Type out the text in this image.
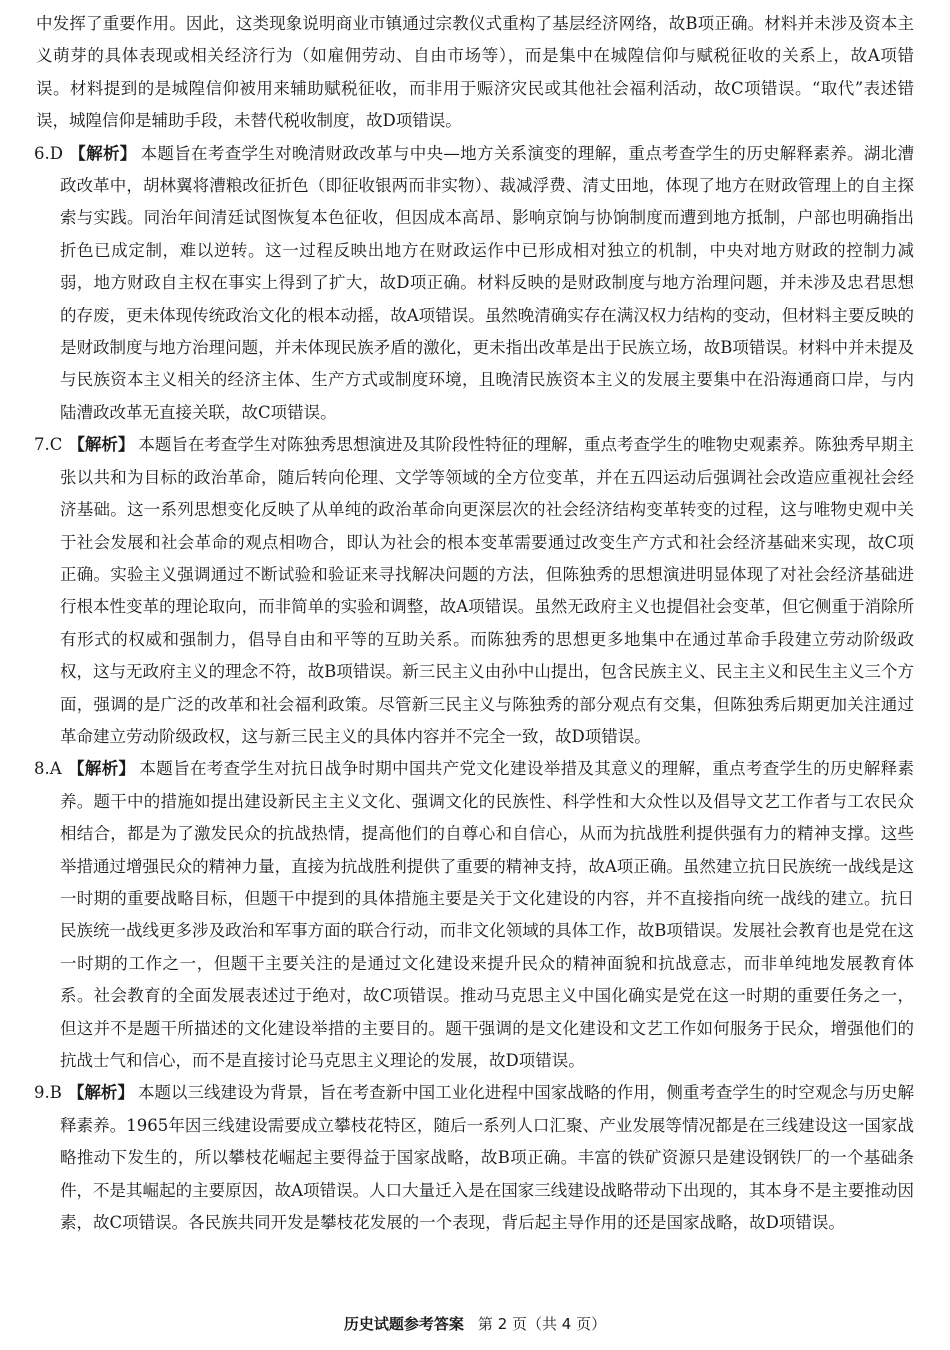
中发挥了重要作用。因此，这类现象说明商业市镇通过宗教仪式重构了基层经济网络，故B项正确。材料并未涉及资本主义萌芽的具体表现或相关经济行为（如雇佣劳动、自由市场等），而是集中在城隍信仰与赋税征收的关系上，故A项错误。材料提到的是城隍信仰被用来辅助赋税征收，而非用于赈济灾民或其他社会福利活动，故C项错误。“取代”表述错误，城隍信仰是辅助手段，未替代税收制度，故D项错误。

6.D 【解析】 本题旨在考查学生对晚清财政改革与中央—地方关系演变的理解，重点考查学生的历史解释素养。湖北漕政改革中，胡林翼将漕粮改征折色（即征收银两而非实物）、裁减浮费、清丈田地，体现了地方在财政管理上的自主探索与实践。同治年间清廷试图恢复本色征收，但因成本高昂、影响京饷与协饷制度而遭到地方抵制，户部也明确指出折色已成定制，难以逆转。这一过程反映出地方在财政运作中已形成相对独立的机制，中央对地方财政的控制力减弱，地方财政自主权在事实上得到了扩大，故D项正确。材料反映的是财政制度与地方治理问题，并未涉及忠君思想的存废，更未体现传统政治文化的根本动摇，故A项错误。虽然晚清确实存在满汉权力结构的变动，但材料主要反映的是财政制度与地方治理问题，并未体现民族矛盾的激化，更未指出改革是出于民族立场，故B项错误。材料中并未提及与民族资本主义相关的经济主体、生产方式或制度环境，且晚清民族资本主义的发展主要集中在沿海通商口岸，与内陆漕政改革无直接关联，故C项错误。

7.C 【解析】 本题旨在考查学生对陈独秀思想演进及其阶段性特征的理解，重点考查学生的唯物史观素养。陈独秀早期主张以共和为目标的政治革命，随后转向伦理、文学等领域的全方位变革，并在五四运动后强调社会改造应重视社会经济基础。这一系列思想变化反映了从单纯的政治革命向更深层次的社会经济结构变革转变的过程，这与唯物史观中关于社会发展和社会革命的观点相吻合，即认为社会的根本变革需要通过改变生产方式和社会经济基础来实现，故C项正确。实验主义强调通过不断试验和验证来寻找解决问题的方法，但陈独秀的思想演进明显体现了对社会经济基础进行根本性变革的理论取向，而非简单的实验和调整，故A项错误。虽然无政府主义也提倡社会变革，但它侧重于消除所有形式的权威和强制力，倡导自由和平等的互助关系。而陈独秀的思想更多地集中在通过革命手段建立劳动阶级政权，这与无政府主义的理念不符，故B项错误。新三民主义由孙中山提出，包含民族主义、民主主义和民生主义三个方面，强调的是广泛的改革和社会福利政策。尽管新三民主义与陈独秀的部分观点有交集，但陈独秀后期更加关注通过革命建立劳动阶级政权，这与新三民主义的具体内容并不完全一致，故D项错误。

8.A 【解析】 本题旨在考查学生对抗日战争时期中国共产党文化建设举措及其意义的理解，重点考查学生的历史解释素养。题干中的措施如提出建设新民主主义文化、强调文化的民族性、科学性和大众性以及倡导文艺工作者与工农民众相结合，都是为了激发民众的抗战热情，提高他们的自尊心和自信心，从而为抗战胜利提供强有力的精神支撑。这些举措通过增强民众的精神力量，直接为抗战胜利提供了重要的精神支持，故A项正确。虽然建立抗日民族统一战线是这一时期的重要战略目标，但题干中提到的具体措施主要是关于文化建设的内容，并不直接指向统一战线的建立。抗日民族统一战线更多涉及政治和军事方面的联合行动，而非文化领域的具体工作，故B项错误。发展社会教育也是党在这一时期的工作之一，但题干主要关注的是通过文化建设来提升民众的精神面貌和抗战意志，而非单纯地发展教育体系。社会教育的全面发展表述过于绝对，故C项错误。推动马克思主义中国化确实是党在这一时期的重要任务之一，但这并不是题干所描述的文化建设举措的主要目的。题干强调的是文化建设和文艺工作如何服务于民众，增强他们的抗战士气和信心，而不是直接讨论马克思主义理论的发展，故D项错误。

9.B 【解析】 本题以三线建设为背景，旨在考查新中国工业化进程中国家战略的作用，侧重考查学生的时空观念与历史解释素养。1965年因三线建设需要成立攀枝花特区，随后一系列人口汇聚、产业发展等情况都是在三线建设这一国家战略推动下发生的，所以攀枝花崛起主要得益于国家战略，故B项正确。丰富的铁矿资源只是建设钢铁厂的一个基础条件，不是其崛起的主要原因，故A项错误。人口大量迁入是在国家三线建设战略带动下出现的，其本身不是主要推动因素，故C项错误。各民族共同开发是攀枝花发展的一个表现，背后起主导作用的还是国家战略，故D项错误。

历史试题参考答案 第 2 页（共 4 页）
